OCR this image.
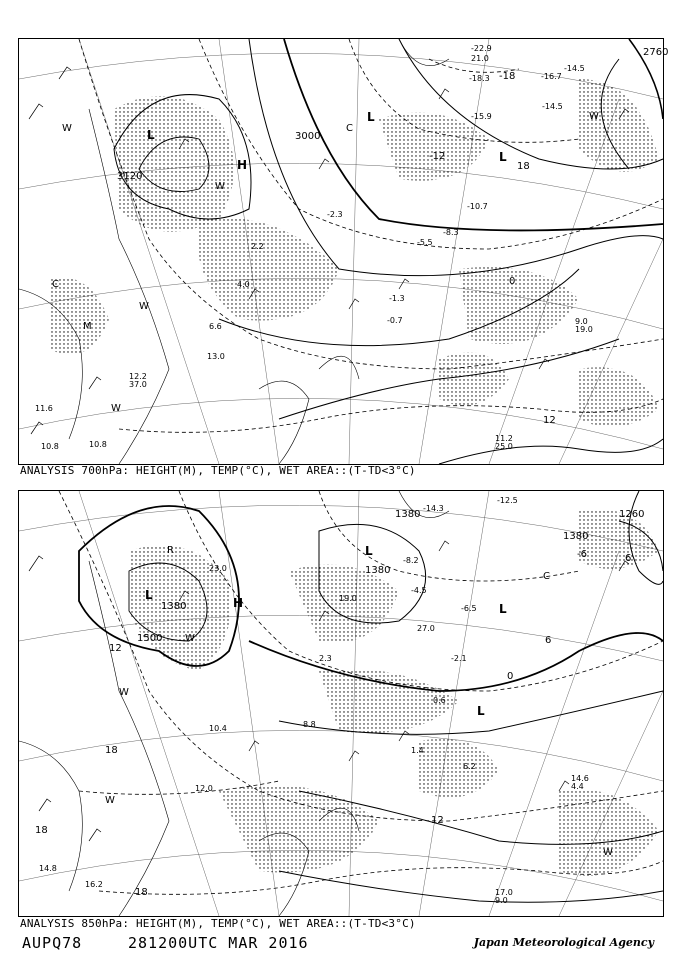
3120
3000
2760
18
0
12
-18
-12
L
H
L
L
C
C
W
W
W
W
W
M
-22.9
21.0
-18.3	-16.7
-14.5
-15.9
-14.5
-10.7
-8.3
-5.5
-2.3
-1.3
-0.7
2.2
4.0
6.6
9.0
11.2
12.2
10.8	10.8
11.6
37.0
19.0
25.0
13.0
ANALYSIS 700hPa: HEIGHT(M), TEMP(°C), WET AREA::(T-TD<3°C)
1500
1380
1380
1380
1380
1260
18
18
18
12
12
6
6
0
-6
L
H
L
L
L
W
W
W
W
C
R
-12.5
-14.3
-8.2
-4.5
-6.5
-2.1
0.6
1.4
2.3
6.2
8.8
10.4
12.0
14.6
14.8
16.2
17.0
19.0
23.0
27.0
4.4
9.0
ANALYSIS 850hPa: HEIGHT(M), TEMP(°C), WET AREA::(T-TD<3°C)
AUPQ78	281200UTC MAR 2016	Japan Meteorological Agency
